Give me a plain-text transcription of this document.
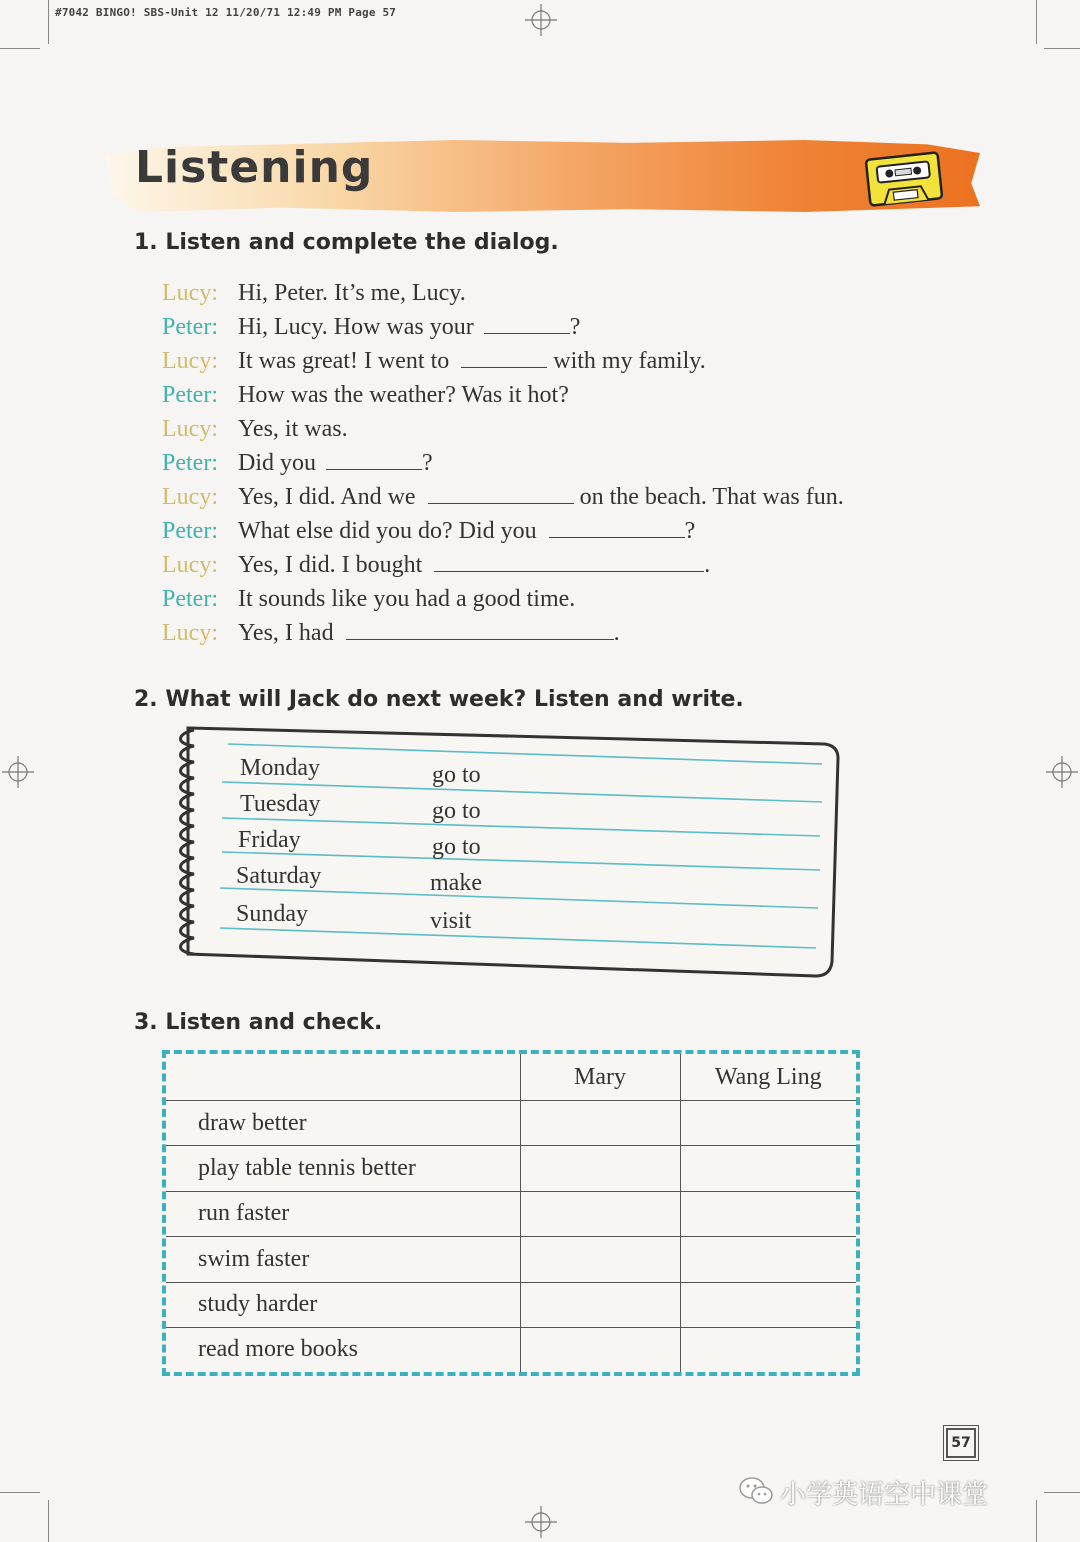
#7042 BINGO! SBS-Unit 12 11/20/71 12:49 PM Page 57
Listening
1. Listen and complete the dialog.
Lucy: Hi, Peter. It’s me, Lucy.
Peter: Hi, Lucy. How was your	?
Lucy: It was great! I went to	with my family.
Peter: How was the weather? Was it hot?
Lucy: Yes, it was.
Peter: Did you	?
Lucy: Yes, I did. And we	on the beach. That was fun.
Peter: What else did you do? Did you	?
Lucy: Yes, I did. I bought	.
Peter: It sounds like you had a good time.
Lucy: Yes, I had	.
2. What will Jack do next week? Listen and write.
Monday	go to
Tuesday	go to
Friday	go to
Saturday	make
Sunday	visit
3. Listen and check.
	Mary	Wang Ling
draw better		
play table tennis better		
run faster		
swim faster		
study harder		
read more books		
57
小学英语空中课堂
